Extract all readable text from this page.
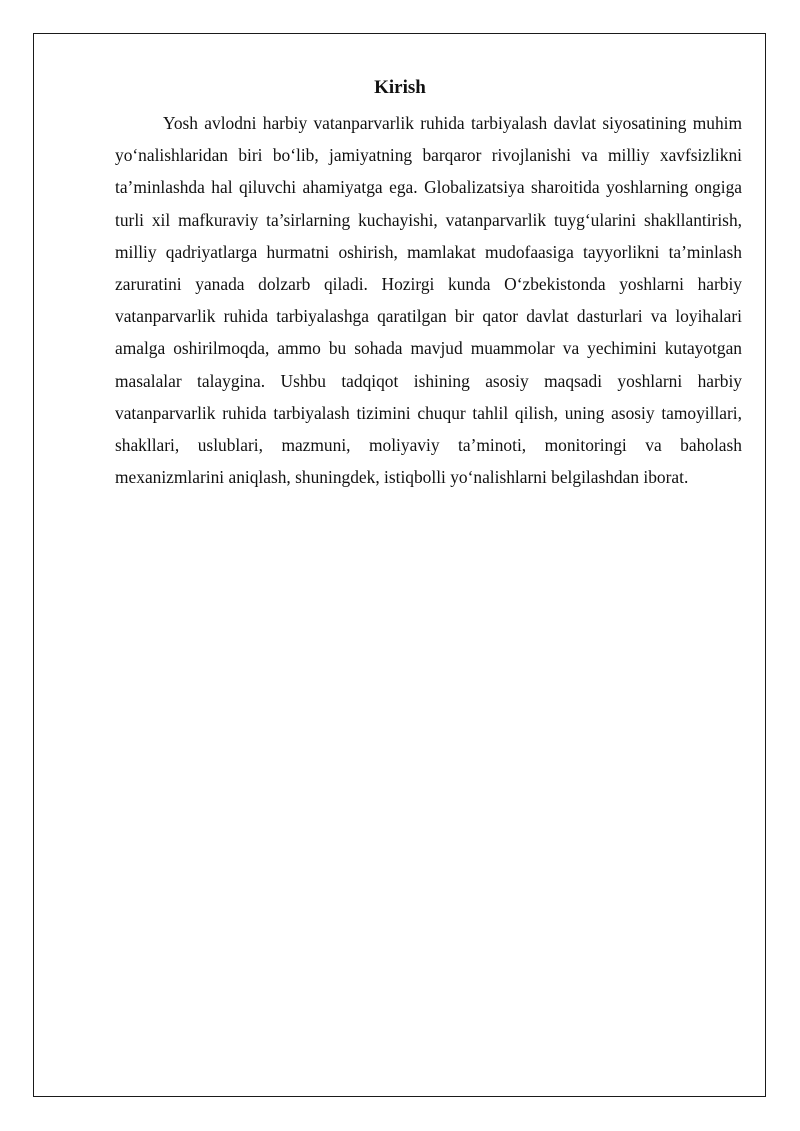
Kirish

Yosh avlodni harbiy vatanparvarlik ruhida tarbiyalash davlat siyosatining muhim yo‘nalishlaridan biri bo‘lib, jamiyatning barqaror rivojlanishi va milliy xavfsizlikni ta’minlashda hal qiluvchi ahamiyatga ega. Globalizatsiya sharoitida yoshlarning ongiga turli xil mafkuraviy ta’sirlarning kuchayishi, vatanparvarlik tuyg‘ularini shakllantirish, milliy qadriyatlarga hurmatni oshirish, mamlakat mudofaasiga tayyorlikni ta’minlash zaruratini yanada dolzarb qiladi. Hozirgi kunda O‘zbekistonda yoshlarni harbiy vatanparvarlik ruhida tarbiyalashga qaratilgan bir qator davlat dasturlari va loyihalari amalga oshirilmoqda, ammo bu sohada mavjud muammolar va yechimini kutayotgan masalalar talaygina. Ushbu tadqiqot ishining asosiy maqsadi yoshlarni harbiy vatanparvarlik ruhida tarbiyalash tizimini chuqur tahlil qilish, uning asosiy tamoyillari, shakllari, uslublari, mazmuni, moliyaviy ta’minoti, monitoringi va baholash mexanizmlarini aniqlash, shuningdek, istiqbolli yo‘nalishlarni belgilashdan iborat.
